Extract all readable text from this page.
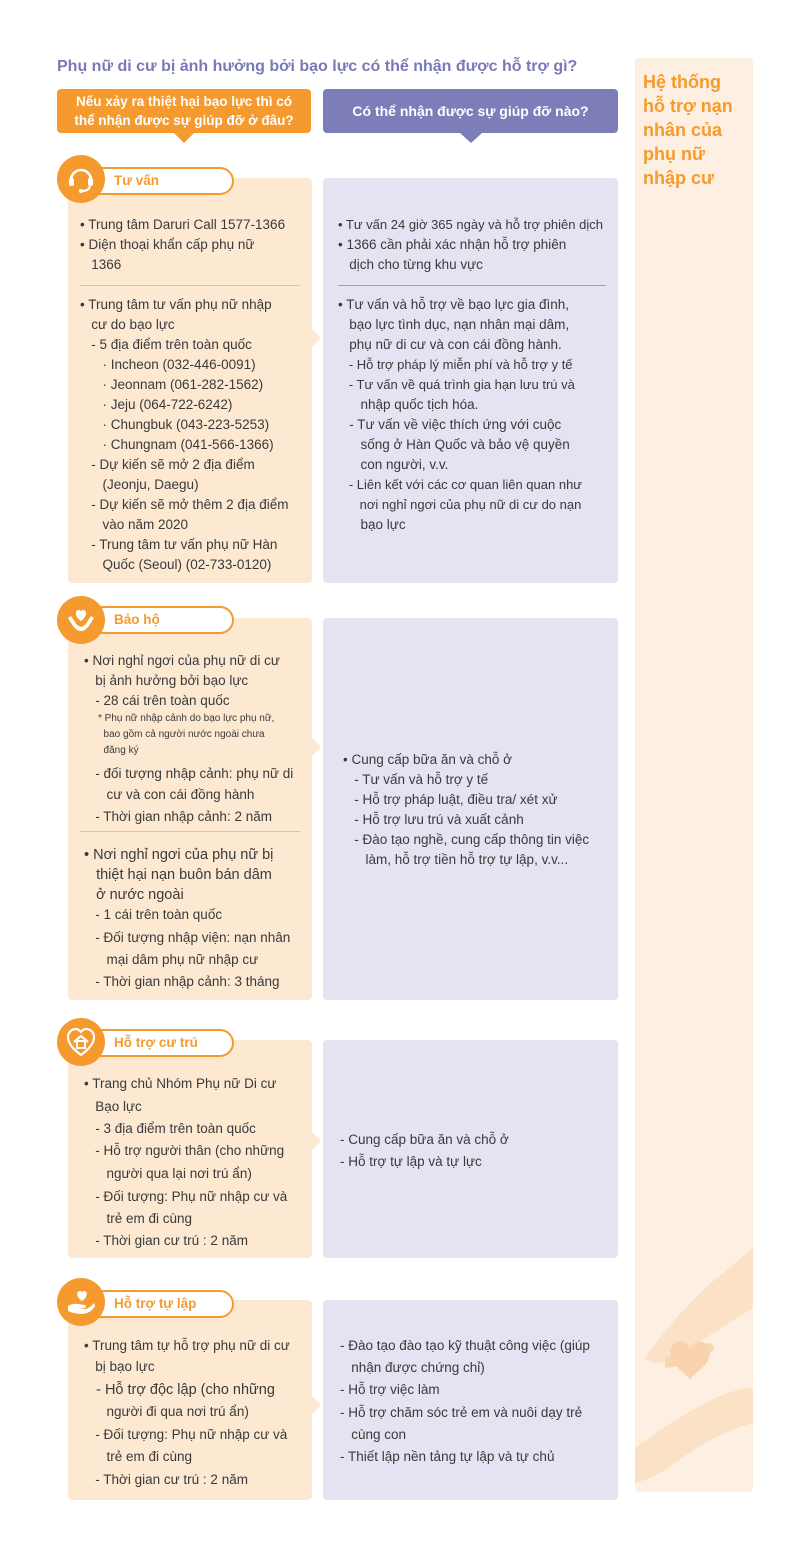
Phụ nữ di cư bị ảnh hưởng bởi bạo lực có thể nhận được hỗ trợ gì?
Nếu xảy ra thiệt hại bạo lực thì có
thể nhận được sự giúp đỡ ở đâu?
Có thể nhận được sự giúp đỡ nào?
Hệ thống
hỗ trợ nạn
nhân của
phụ nữ
nhập cư
Tư vấn
• Trung tâm Daruri Call 1577-1366
• Diện thoại khẩn cấp phụ nữ
1366
• Trung tâm tư vấn phụ nữ nhập
cư do bạo lực
- 5 địa điểm trên toàn quốc
· Incheon (032-446-0091)
· Jeonnam (061-282-1562)
· Jeju (064-722-6242)
· Chungbuk (043-223-5253)
· Chungnam (041-566-1366)
- Dự kiến sẽ mở 2 địa điểm
(Jeonju, Daegu)
- Dự kiến sẽ mở thêm 2 địa điểm
vào năm 2020
- Trung tâm tư vấn phụ nữ Hàn
Quốc (Seoul) (02-733-0120)
• Tư vấn 24 giờ 365 ngày và hỗ trợ phiên dịch
• 1366 cần phải xác nhận hỗ trợ phiên
dịch cho từng khu vực
• Tư vấn và hỗ trợ về bạo lực gia đình,
bạo lực tình dục, nạn nhân mại dâm,
phụ nữ di cư và con cái đồng hành.
- Hỗ trợ pháp lý miễn phí và hỗ trợ y tế
- Tư vấn về quá trình gia hạn lưu trú và
nhập quốc tịch hóa.
- Tư vấn về việc thích ứng với cuộc
sống ở Hàn Quốc và bảo vệ quyền
con người, v.v.
- Liên kết với các cơ quan liên quan như
nơi nghỉ ngơi của phụ nữ di cư do nạn
bạo lực
Bảo hộ
• Nơi nghỉ ngơi của phụ nữ di cư
bị ảnh hưởng bởi bạo lực
- 28 cái trên toàn quốc
* Phụ nữ nhập cảnh do bạo lực phụ nữ,
bao gồm cả người nước ngoài chưa
đăng ký
- đối tượng nhập cảnh: phụ nữ di
cư và con cái đồng hành
- Thời gian nhập cảnh: 2 năm
• Nơi nghỉ ngơi của phụ nữ bị
thiệt hại nạn buôn bán dâm
ở nước ngoài
- 1 cái trên toàn quốc
- Đối tượng nhập viện: nạn nhân
mại dâm phụ nữ nhập cư
- Thời gian nhập cảnh: 3 tháng
• Cung cấp bữa ăn và chỗ ở
- Tư vấn và hỗ trợ y tế
- Hỗ trợ pháp luật, điều tra/ xét xử
- Hỗ trợ lưu trú và xuất cảnh
- Đào tạo nghề, cung cấp thông tin việc
làm, hỗ trợ tiền hỗ trợ tự lập, v.v...
Hỗ trợ cư trú
• Trang chủ Nhóm Phụ nữ Di cư
Bạo lực
- 3 địa điểm trên toàn quốc
- Hỗ trợ người thân (cho những
người qua lại nơi trú ẩn)
- Đối tượng: Phụ nữ nhập cư và
trẻ em đi cùng
- Thời gian cư trú : 2 năm
- Cung cấp bữa ăn và chỗ ở
- Hỗ trợ tự lập và tự lực
Hỗ trợ tự lập
• Trung tâm tự hỗ trợ phụ nữ di cư
bị bạo lực
- Hỗ trợ độc lập (cho những
người đi qua nơi trú ẩn)
- Đối tượng: Phụ nữ nhập cư và
trẻ em đi cùng
- Thời gian cư trú : 2 năm
- Đào tạo đào tạo kỹ thuật công việc (giúp
nhận được chứng chỉ)
- Hỗ trợ việc làm
- Hỗ trợ chăm sóc trẻ em và nuôi dạy trẻ
cùng con
- Thiết lập nền tảng tự lập và tự chủ
